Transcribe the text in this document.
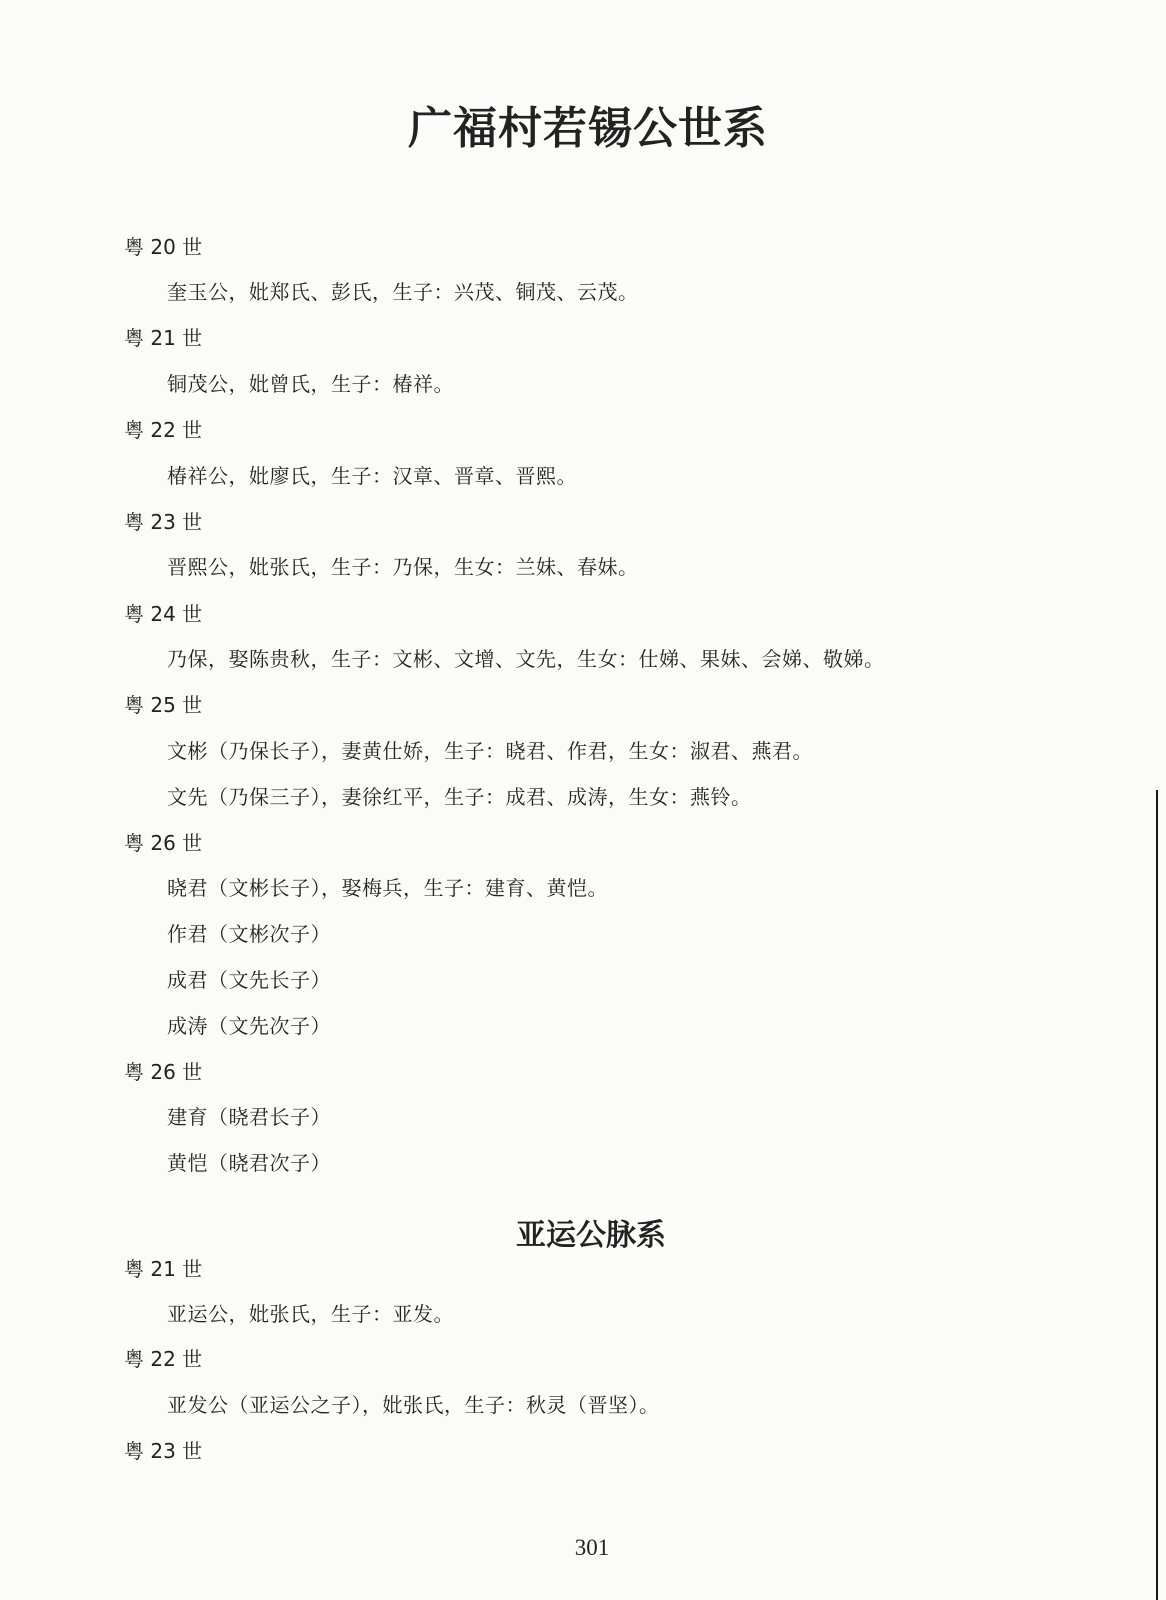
广福村若锡公世系
粤 20 世
奎玉公，妣郑氏、彭氏，生子：兴茂、铜茂、云茂。
粤 21 世
铜茂公，妣曾氏，生子：椿祥。
粤 22 世
椿祥公，妣廖氏，生子：汉章、晋章、晋熙。
粤 23 世
晋熙公，妣张氏，生子：乃保，生女：兰妹、春妹。
粤 24 世
乃保，娶陈贵秋，生子：文彬、文增、文先，生女：仕娣、果妹、会娣、敬娣。
粤 25 世
文彬（乃保长子），妻黄仕娇，生子：晓君、作君，生女：淑君、燕君。
文先（乃保三子），妻徐红平，生子：成君、成涛，生女：燕铃。
粤 26 世
晓君（文彬长子），娶梅兵，生子：建育、黄恺。
作君（文彬次子）
成君（文先长子）
成涛（文先次子）
粤 26 世
建育（晓君长子）
黄恺（晓君次子）
亚运公脉系
粤 21 世
亚运公，妣张氏，生子：亚发。
粤 22 世
亚发公（亚运公之子），妣张氏，生子：秋灵（晋坚）。
粤 23 世
301
